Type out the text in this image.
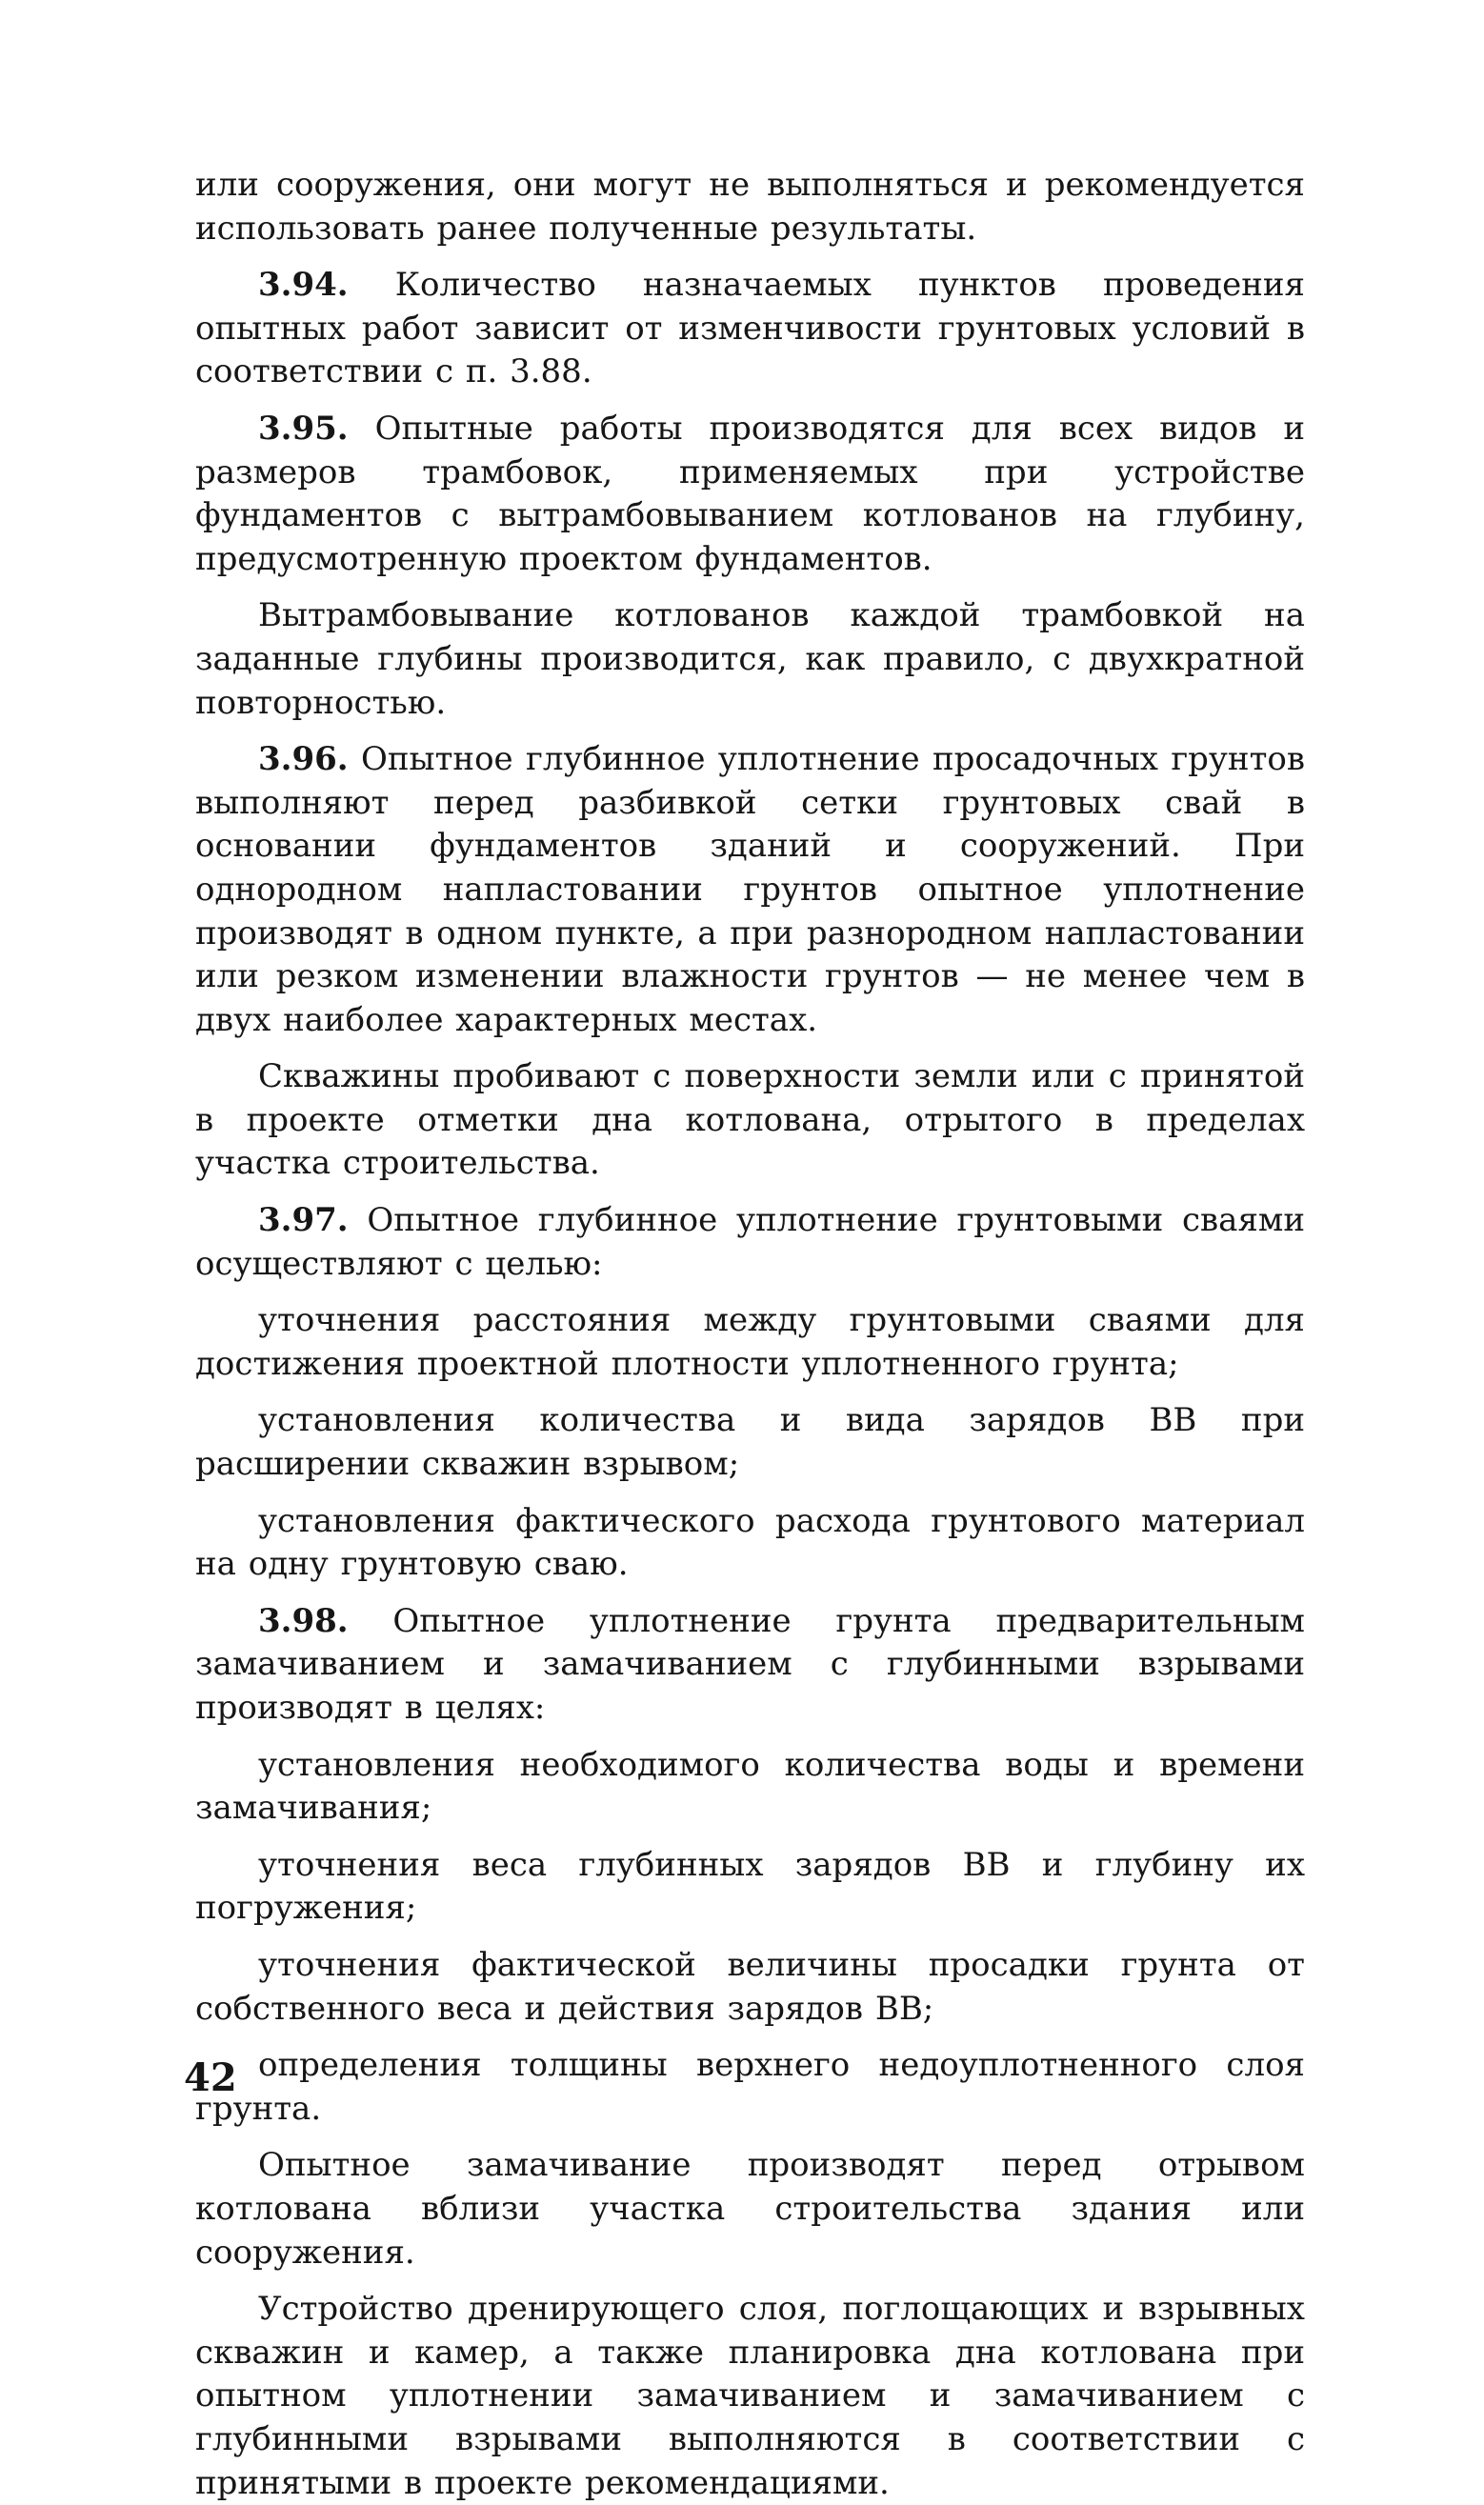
или сооружения, они могут не выполняться и рекомендуется использовать ранее полученные результаты.

3.94. Количество назначаемых пунктов проведения опытных работ зависит от изменчивости грунтовых условий в соответствии с п. 3.88.

3.95. Опытные работы производятся для всех видов и размеров трамбовок, применяемых при устройстве фундаментов с вытрамбовыванием котлованов на глубину, предусмотренную проектом фундаментов.

Вытрамбовывание котлованов каждой трамбовкой на заданные глубины производится, как правило, с двухкратной повторностью.

3.96. Опытное глубинное уплотнение просадочных грунтов выполняют перед разбивкой сетки грунтовых свай в основании фундаментов зданий и сооружений. При однородном напластовании грунтов опытное уплотнение производят в одном пункте, а при разнородном напластовании или резком изменении влажности грунтов — не менее чем в двух наиболее характерных местах.

Скважины пробивают с поверхности земли или с принятой в проекте отметки дна котлована, отрытого в пределах участка строительства.

3.97. Опытное глубинное уплотнение грунтовыми сваями осуществляют с целью:

уточнения расстояния между грунтовыми сваями для достижения проектной плотности уплотненного грунта;

установления количества и вида зарядов ВВ при расширении скважин взрывом;

установления фактического расхода грунтового материал на одну грунтовую сваю.

3.98. Опытное уплотнение грунта предварительным замачиванием и замачиванием с глубинными взрывами производят в целях:

установления необходимого количества воды и времени замачивания;

уточнения веса глубинных зарядов ВВ и глубину их погружения;

уточнения фактической величины просадки грунта от собственного веса и действия зарядов ВВ;

определения толщины верхнего недоуплотненного слоя грунта.

Опытное замачивание производят перед отрывом котлована вблизи участка строительства здания или сооружения.

Устройство дренирующего слоя, поглощающих и взрывных скважин и камер, а также планировка дна котлована при опытном уплотнении замачиванием и замачиванием с глубинными взрывами выполняются в соответствии с принятыми в проекте рекомендациями.

42
